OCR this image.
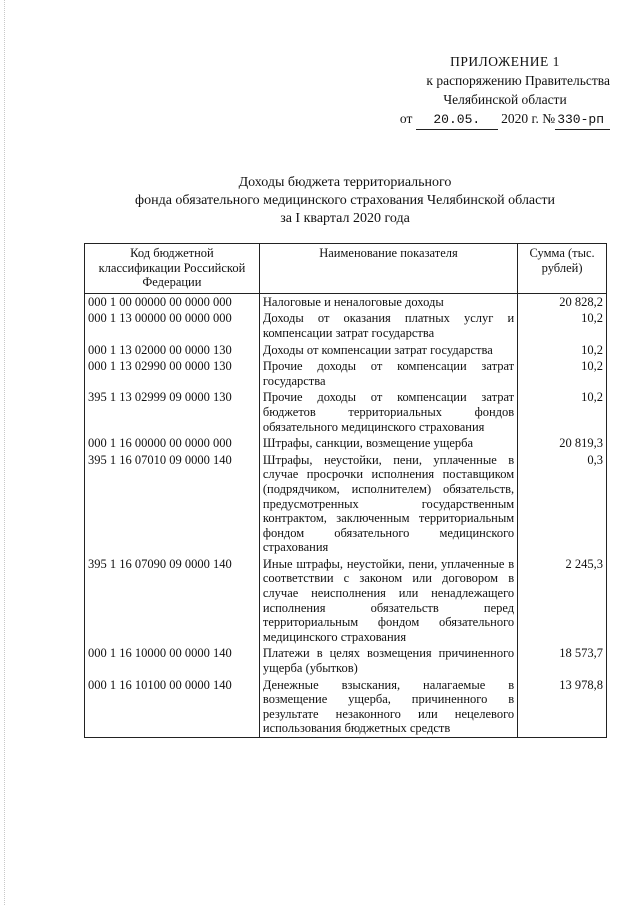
ПРИЛОЖЕНИЕ 1
к распоряжению Правительства
Челябинской области
от 20.05. 2020 г. № 330-рп
Доходы бюджета территориального
фонда обязательного медицинского страхования Челябинской области
за I квартал 2020 года
Код бюджетной классификации Российской Федерации	Наименование показателя	Сумма (тыс. рублей)
000 1 00 00000 00 0000 000	Налоговые и неналоговые доходы	20 828,2
000 1 13 00000 00 0000 000	Доходы от оказания платных услуг и компенсации затрат государства	10,2
000 1 13 02000 00 0000 130	Доходы от компенсации затрат государства	10,2
000 1 13 02990 00 0000 130	Прочие доходы от компенсации затрат государства	10,2
395 1 13 02999 09 0000 130	Прочие доходы от компенсации затрат бюджетов территориальных фондов обязательного медицинского страхования	10,2
000 1 16 00000 00 0000 000	Штрафы, санкции, возмещение ущерба	20 819,3
395 1 16 07010 09 0000 140	Штрафы, неустойки, пени, уплаченные в случае просрочки исполнения поставщиком (подрядчиком, исполнителем) обязательств, предусмотренных государственным контрактом, заключенным территориальным фондом обязательного медицинского страхования	0,3
395 1 16 07090 09 0000 140	Иные штрафы, неустойки, пени, уплаченные в соответствии с законом или договором в случае неисполнения или ненадлежащего исполнения обязательств перед территориальным фондом обязательного медицинского страхования	2 245,3
000 1 16 10000 00 0000 140	Платежи в целях возмещения причиненного ущерба (убытков)	18 573,7
000 1 16 10100 00 0000 140	Денежные взыскания, налагаемые в возмещение ущерба, причиненного в результате незаконного или нецелевого использования бюджетных средств	13 978,8
